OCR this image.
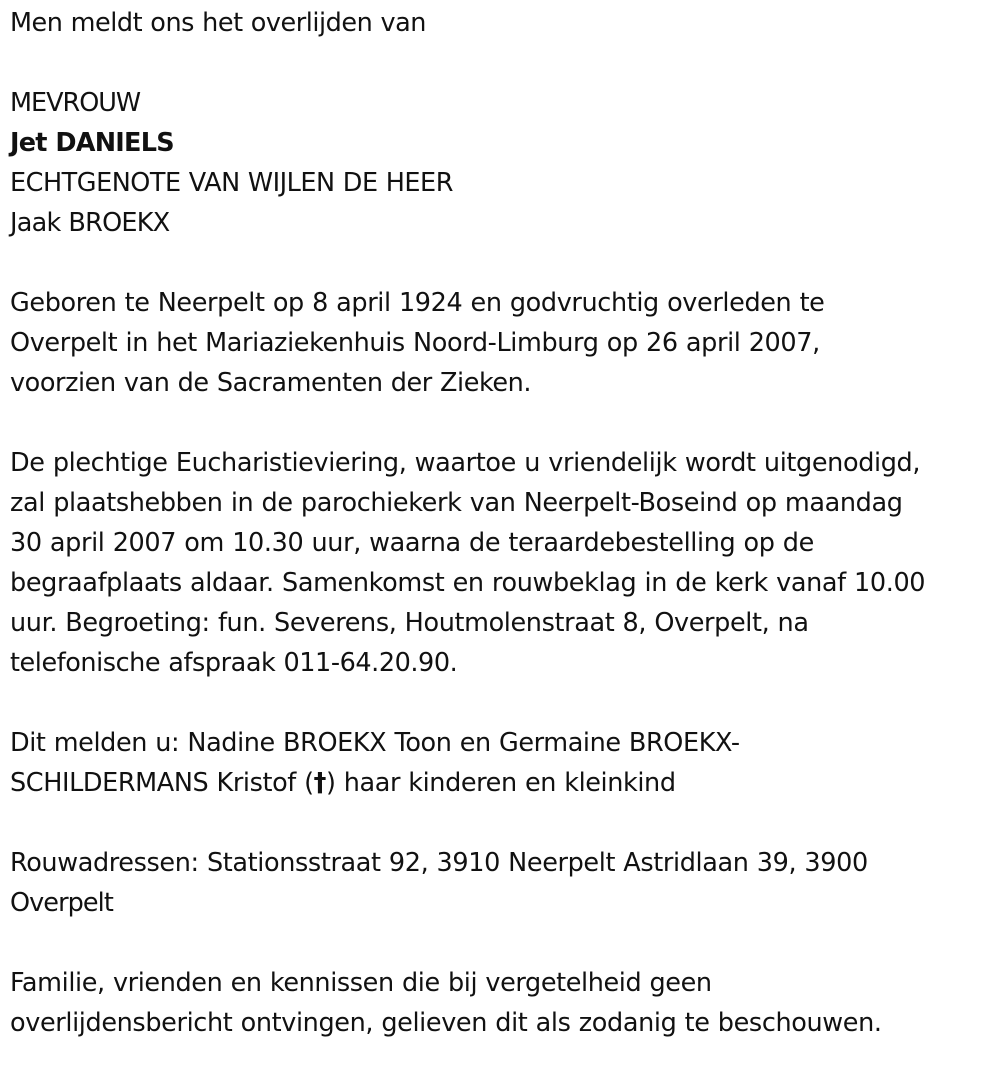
Men meldt ons het overlijden van
MEVROUW
Jet DANIELS
ECHTGENOTE VAN WIJLEN DE HEER
Jaak BROEKX
Geboren te Neerpelt op 8 april 1924 en godvruchtig overleden te
Overpelt in het Mariaziekenhuis Noord-Limburg op 26 april 2007,
voorzien van de Sacramenten der Zieken.
De plechtige Eucharistieviering, waartoe u vriendelijk wordt uitgenodigd,
zal plaatshebben in de parochiekerk van Neerpelt-Boseind op maandag
30 april 2007 om 10.30 uur, waarna de teraardebestelling op de
begraafplaats aldaar. Samenkomst en rouwbeklag in de kerk vanaf 10.00
uur. Begroeting: fun. Severens, Houtmolenstraat 8, Overpelt, na
telefonische afspraak 011-64.20.90.
Dit melden u: Nadine BROEKX Toon en Germaine BROEKX-
SCHILDERMANS Kristof (†) haar kinderen en kleinkind
Rouwadressen: Stationsstraat 92, 3910 Neerpelt Astridlaan 39, 3900
Overpelt
Familie, vrienden en kennissen die bij vergetelheid geen
overlijdensbericht ontvingen, gelieven dit als zodanig te beschouwen.
